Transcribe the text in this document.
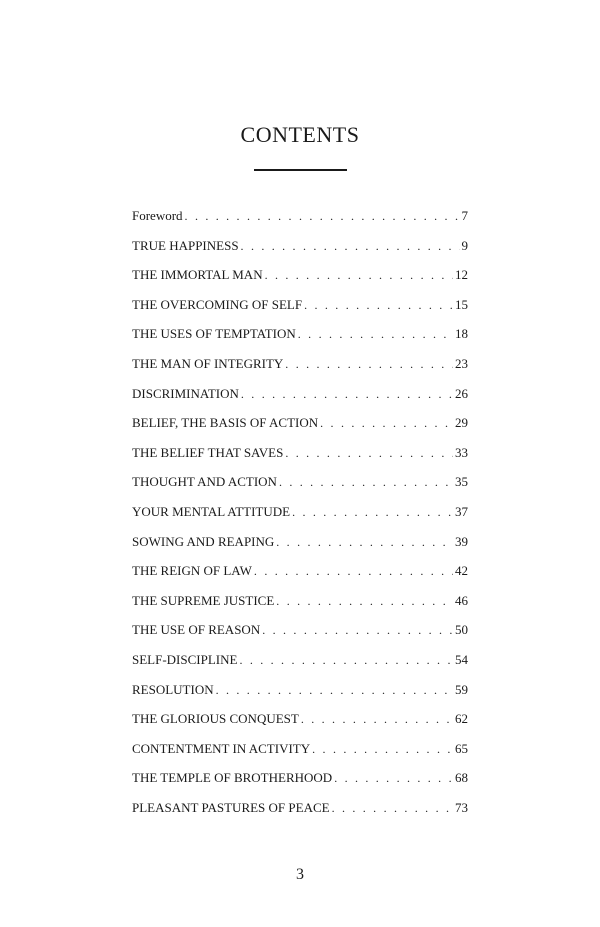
CONTENTS
Foreword . . .	7
TRUE HAPPINESS . . .	9
THE IMMORTAL MAN . . .	12
THE OVERCOMING OF SELF . . .	15
THE USES OF TEMPTATION . . .	18
THE MAN OF INTEGRITY . . .	23
DISCRIMINATION . . .	26
BELIEF, THE BASIS OF ACTION . . .	29
THE BELIEF THAT SAVES . . .	33
THOUGHT AND ACTION . . .	35
YOUR MENTAL ATTITUDE . . .	37
SOWING AND REAPING . . .	39
THE REIGN OF LAW . . .	42
THE SUPREME JUSTICE . . .	46
THE USE OF REASON . . .	50
SELF-DISCIPLINE . . .	54
RESOLUTION . . .	59
THE GLORIOUS CONQUEST . . .	62
CONTENTMENT IN ACTIVITY . . .	65
THE TEMPLE OF BROTHERHOOD . . .	68
PLEASANT PASTURES OF PEACE . . .	73
3
